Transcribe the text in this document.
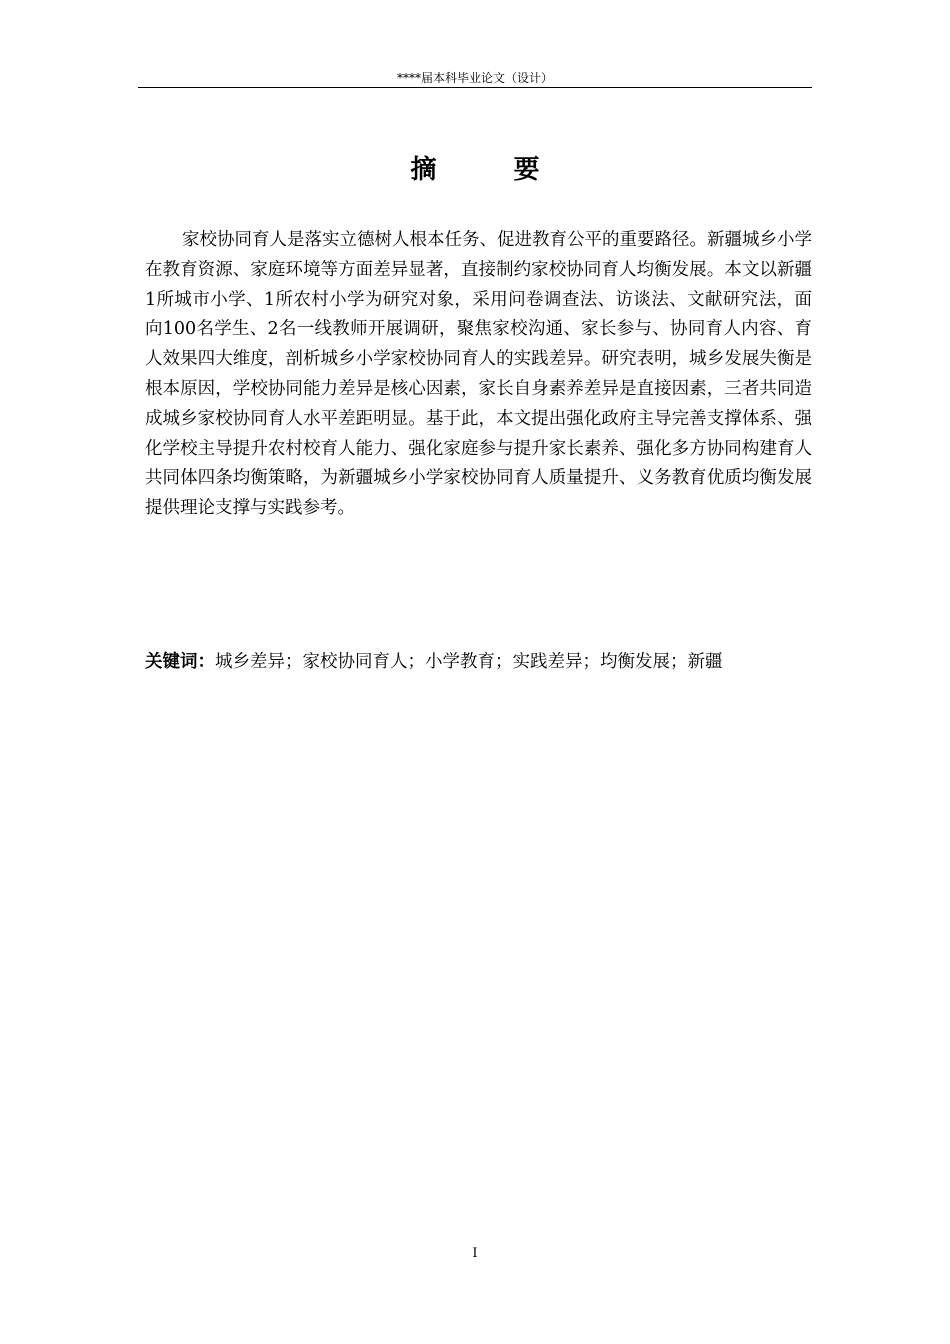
****届本科毕业论文（设计）
摘 要

家校协同育人是落实立德树人根本任务、促进教育公平的重要路径。新疆城乡小学在教育资源、家庭环境等方面差异显著，直接制约家校协同育人均衡发展。本文以新疆1所城市小学、1所农村小学为研究对象，采用问卷调查法、访谈法、文献研究法，面向100名学生、2名一线教师开展调研，聚焦家校沟通、家长参与、协同育人内容、育人效果四大维度，剖析城乡小学家校协同育人的实践差异。研究表明，城乡发展失衡是根本原因，学校协同能力差异是核心因素，家长自身素养差异是直接因素，三者共同造成城乡家校协同育人水平差距明显。基于此，本文提出强化政府主导完善支撑体系、强化学校主导提升农村校育人能力、强化家庭参与提升家长素养、强化多方协同构建育人共同体四条均衡策略，为新疆城乡小学家校协同育人质量提升、义务教育优质均衡发展提供理论支撑与实践参考。

关键词：城乡差异；家校协同育人；小学教育；实践差异；均衡发展；新疆

I
